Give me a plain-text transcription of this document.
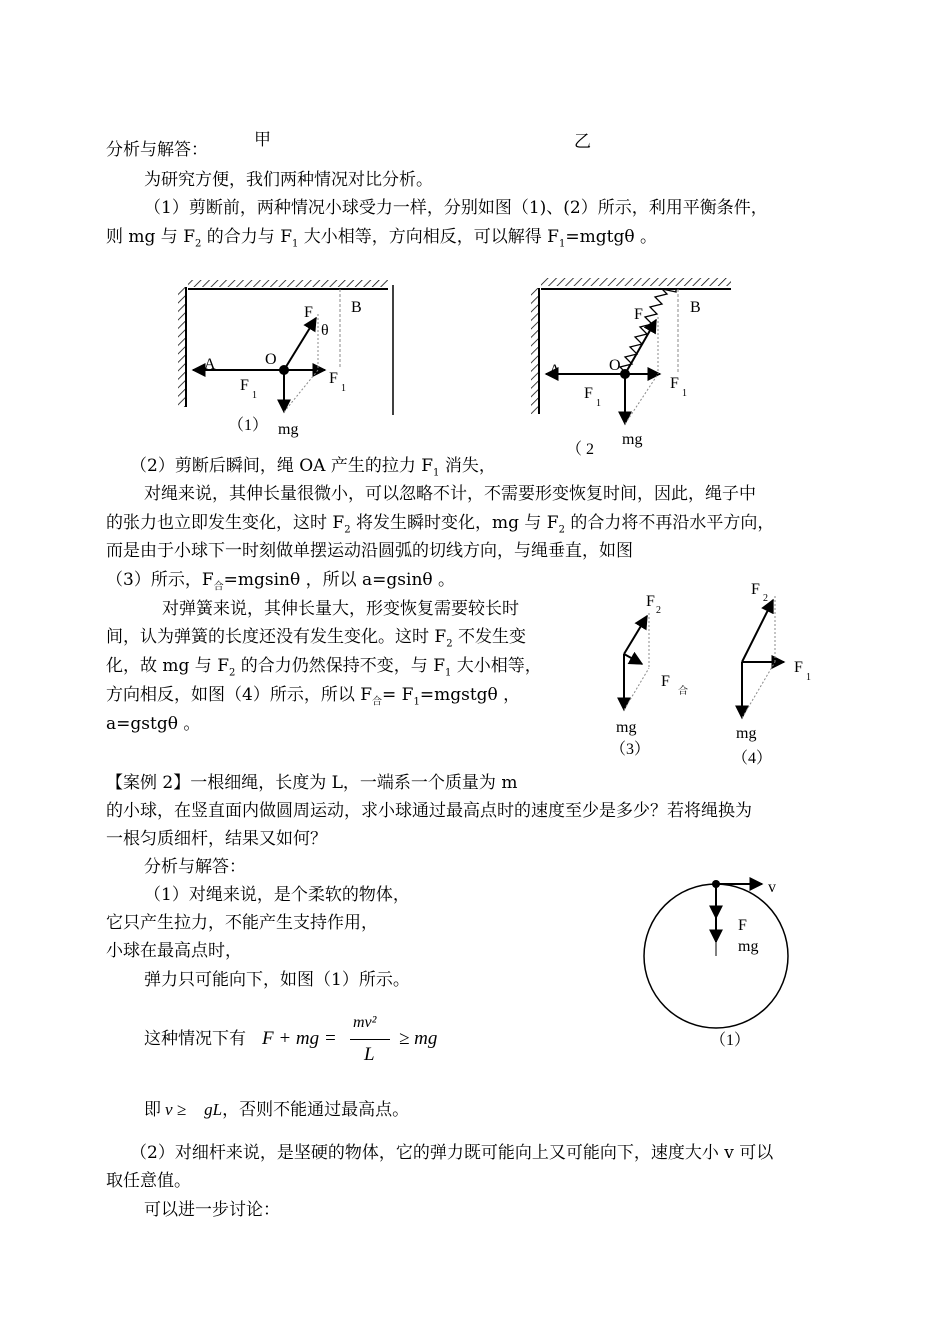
分析与解答：	甲	乙
为研究方便，我们两种情况对比分析。
（1）剪断前，两种情况小球受力一样，分别如图（1)、(2）所示，利用平衡条件，
则 mg 与 $F_2$ 的合力与 $F_1$ 大小相等，方向相反，可以解得 $F_1=mgtg\theta$ 。
B
F
θ
A	O
F
1
F
1
（1） mg
B
F
A	O
F
1
F
1
（ 2
mg
（2）剪断后瞬间，绳 OA 产生的拉力 $F_1$ 消失，
对绳来说，其伸长量很微小，可以忽略不计，不需要形变恢复时间，因此，绳子中
的张力也立即发生变化，这时 $F_2$ 将发生瞬时变化，mg 与 $F_2$ 的合力将不再沿水平方向，
而是由于小球下一时刻做单摆运动沿圆弧的切线方向，与绳垂直，如图
（3）所示，$F_合=mgsin\theta$ ，所以 a=gsinθ 。
对弹簧来说，其伸长量大，形变恢复需要较长时
间，认为弹簧的长度还没有发生变化。这时 $F_2$ 不发生变
化，故 mg 与 $F_2$ 的合力仍然保持不变，与 $F_1$ 大小相等，
方向相反，如图（4）所示，所以 $F_合=$ $F_1=mgstg\theta$ ，
a=gstgθ 。
F
2
F
合
mg
（3）
F
2
F
1
mg
（4）
【案例 2】一根细绳，长度为 L，一端系一个质量为 m
的小球，在竖直面内做圆周运动，求小球通过最高点时的速度至少是多少？若将绳换为
一根匀质细杆，结果又如何？
分析与解答：
（1）对绳来说，是个柔软的物体，
它只产生拉力，不能产生支持作用，
小球在最高点时，
弹力只可能向下，如图（1）所示。
这种情况下有 F + mg =
mv²
L
≥ mg
即 v ≥ gL，否则不能通过最高点。
（2）对细杆来说，是坚硬的物体，它的弹力既可能向上又可能向下，速度大小 v 可以
取任意值。
可以进一步讨论：
v
F
mg
（1）
